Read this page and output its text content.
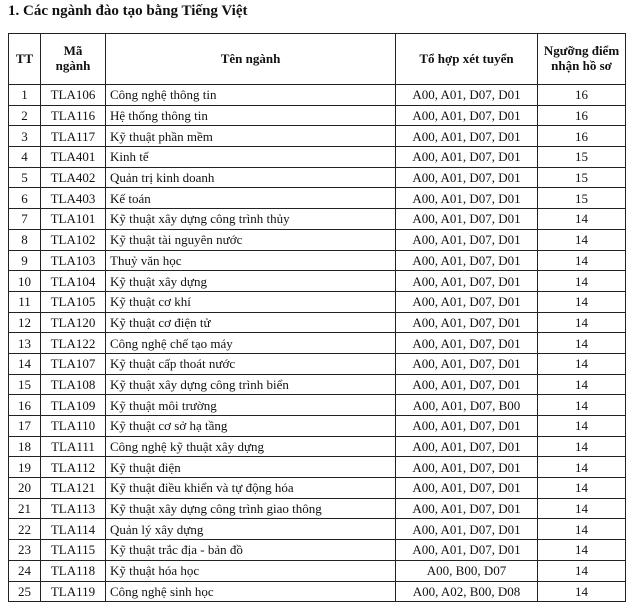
1. Các ngành đào tạo bằng Tiếng Việt
TT	Mã ngành	Tên ngành	Tổ hợp xét tuyển	Ngưỡng điểm nhận hồ sơ
1	TLA106	Công nghệ thông tin	A00, A01, D07, D01	16
2	TLA116	Hệ thống thông tin	A00, A01, D07, D01	16
3	TLA117	Kỹ thuật phần mềm	A00, A01, D07, D01	16
4	TLA401	Kinh tế	A00, A01, D07, D01	15
5	TLA402	Quản trị kinh doanh	A00, A01, D07, D01	15
6	TLA403	Kế toán	A00, A01, D07, D01	15
7	TLA101	Kỹ thuật xây dựng công trình thủy	A00, A01, D07, D01	14
8	TLA102	Kỹ thuật tài nguyên nước	A00, A01, D07, D01	14
9	TLA103	Thuỷ văn học	A00, A01, D07, D01	14
10	TLA104	Kỹ thuật xây dựng	A00, A01, D07, D01	14
11	TLA105	Kỹ thuật cơ khí	A00, A01, D07, D01	14
12	TLA120	Kỹ thuật cơ điện tử	A00, A01, D07, D01	14
13	TLA122	Công nghệ chế tạo máy	A00, A01, D07, D01	14
14	TLA107	Kỹ thuật cấp thoát nước	A00, A01, D07, D01	14
15	TLA108	Kỹ thuật xây dựng công trình biển	A00, A01, D07, D01	14
16	TLA109	Kỹ thuật môi trường	A00, A01, D07, B00	14
17	TLA110	Kỹ thuật cơ sở hạ tầng	A00, A01, D07, D01	14
18	TLA111	Công nghệ kỹ thuật xây dựng	A00, A01, D07, D01	14
19	TLA112	Kỹ thuật điện	A00, A01, D07, D01	14
20	TLA121	Kỹ thuật điều khiển và tự động hóa	A00, A01, D07, D01	14
21	TLA113	Kỹ thuật xây dựng công trình giao thông	A00, A01, D07, D01	14
22	TLA114	Quản lý xây dựng	A00, A01, D07, D01	14
23	TLA115	Kỹ thuật trắc địa - bản đồ	A00, A01, D07, D01	14
24	TLA118	Kỹ thuật hóa học	A00, B00, D07	14
25	TLA119	Công nghệ sinh học	A00, A02, B00, D08	14
